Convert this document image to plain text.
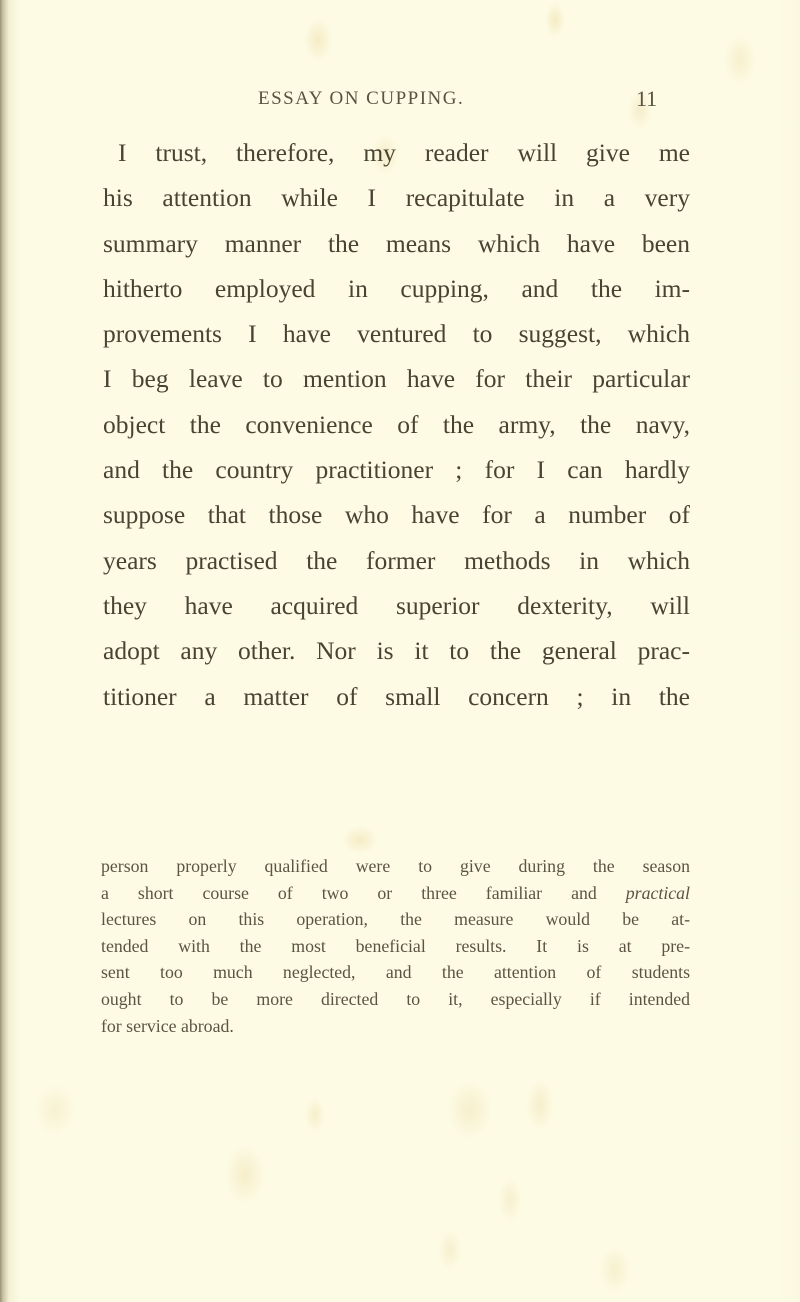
ESSAY ON CUPPING.	11
I trust, therefore, my reader will give me
his attention while I recapitulate in a very
summary manner the means which have been
hitherto employed in cupping, and the im-
provements I have ventured to suggest, which
I beg leave to mention have for their particular
object the convenience of the army, the navy,
and the country practitioner ; for I can hardly
suppose that those who have for a number of
years practised the former methods in which
they have acquired superior dexterity, will
adopt any other. Nor is it to the general prac-
titioner a matter of small concern ; in the
person properly qualified were to give during the season
a short course of two or three familiar and practical
lectures on this operation, the measure would be at-
tended with the most beneficial results. It is at pre-
sent too much neglected, and the attention of students
ought to be more directed to it, especially if intended
for service abroad.
